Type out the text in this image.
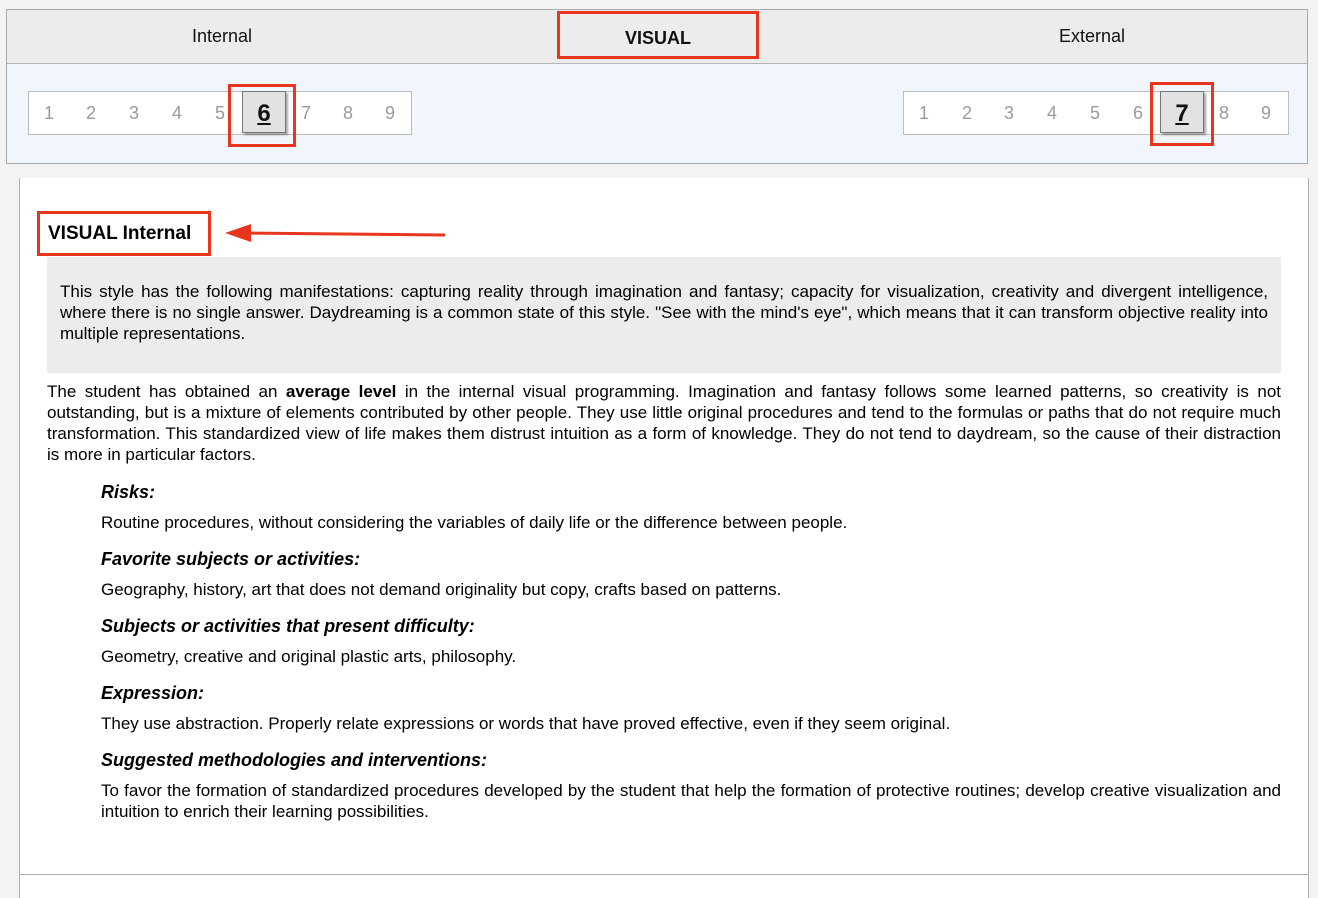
Internal	VISUAL	External
1	2	3	4	5	6	7	8	9	1	2	3	4	5	6	7	8	9
VISUAL Internal
This style has the following manifestations: capturing reality through imagination and fantasy; capacity for visualization, creativity and divergent intelligence, where there is no single answer. Daydreaming is a common state of this style. "See with the mind's eye", which means that it can transform objective reality into multiple representations.
The student has obtained an average level in the internal visual programming. Imagination and fantasy follows some learned patterns, so creativity is not outstanding, but is a mixture of elements contributed by other people. They use little original procedures and tend to the formulas or paths that do not require much transformation. This standardized view of life makes them distrust intuition as a form of knowledge. They do not tend to daydream, so the cause of their distraction is more in particular factors.
Risks:
Routine procedures, without considering the variables of daily life or the difference between people.
Favorite subjects or activities:
Geography, history, art that does not demand originality but copy, crafts based on patterns.
Subjects or activities that present difficulty:
Geometry, creative and original plastic arts, philosophy.
Expression:
They use abstraction. Properly relate expressions or words that have proved effective, even if they seem original.
Suggested methodologies and interventions:
To favor the formation of standardized procedures developed by the student that help the formation of protective routines; develop creative visualization and intuition to enrich their learning possibilities.
